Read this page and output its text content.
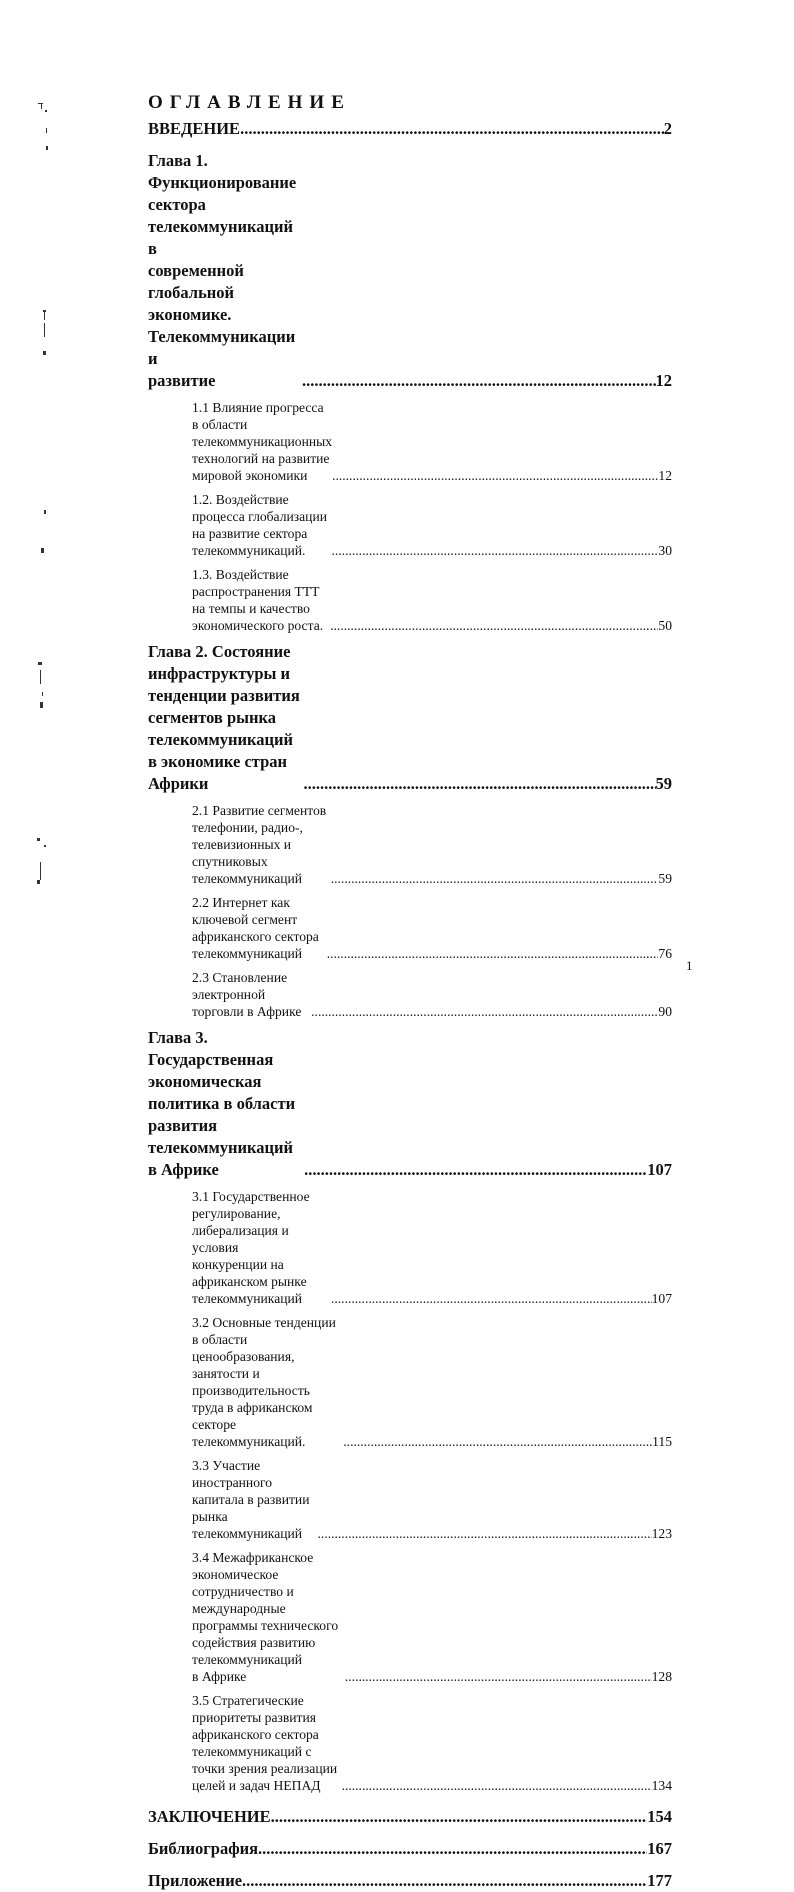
ОГЛАВЛЕНИЕ
ВВЕДЕНИЕ .....	2
Глава 1. Функционирование сектора телекоммуникаций в
современной глобальной экономике. Телекоммуникации и
развитие .....	12
1.1 Влияние прогресса в области телекоммуникационных
технологий на развитие мировой экономики .....	12
1.2. Воздействие процесса глобализации на развитие сектора
телекоммуникаций. .....	30
1.3. Воздействие распространения ТТТ на темпы и качество
экономического роста. .....	50
Глава 2. Состояние инфраструктуры и тенденции развития
сегментов рынка телекоммуникаций в экономике стран
Африки .....	59
2.1 Развитие сегментов телефонии, радио-, телевизионных и
спутниковых телекоммуникаций .....	59
2.2 Интернет как ключевой сегмент африканского сектора
телекоммуникаций .....	76
2.3 Становление электронной торговли в Африке .....	90
Глава 3. Государственная экономическая политика в области
развития телекоммуникаций в Африке .....	107
3.1 Государственное регулирование, либерализация и условия
конкуренции на африканском рынке телекоммуникаций .....	107
3.2 Основные тенденции в области ценообразования, занятости и
производительность труда в африканском секторе телекоммуникаций. .....	115
3.3 Участие иностранного капитала в развитии рынка
телекоммуникаций .....	123
3.4 Межафриканское экономическое сотрудничество и международные
программы технического содействия развитию телекоммуникаций
в Африке .....	128
3.5 Стратегические приоритеты развития африканского сектора
телекоммуникаций с точки зрения реализации целей и задач НЕПАД .....	134
ЗАКЛЮЧЕНИЕ .....	154
Библиография .....	167
Приложение .....	177
1
